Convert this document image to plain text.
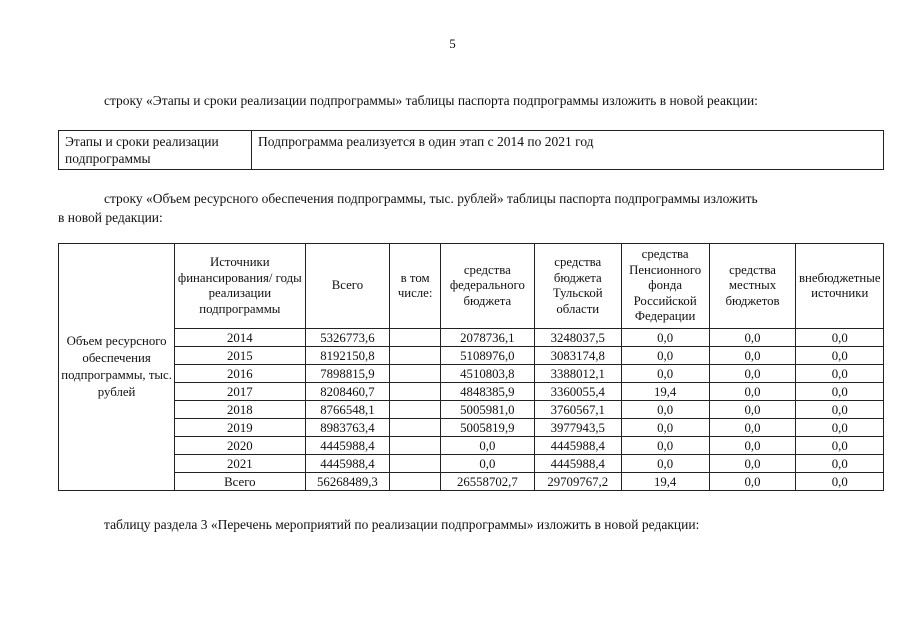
5
строку «Этапы и сроки реализации подпрограммы» таблицы паспорта подпрограммы изложить в новой реакции:
Этапы и сроки реализации подпрограммы	Подпрограмма реализуется в один этап с 2014 по 2021 год
строку «Объем ресурсного обеспечения подпрограммы, тыс. рублей» таблицы паспорта подпрограммы изложить
в новой редакции:
Объем ресурсного обеспечения подпрограммы, тыс. рублей	Источники финансирования/ годы реализации подпрограммы	Всего	в том числе:	средства федерального бюджета	средства бюджета Тульской области	средства Пенсионного фонда Российской Федерации	средства местных бюджетов	внебюджетные источники
	2014	5326773,6		2078736,1	3248037,5	0,0	0,0	0,0
	2015	8192150,8		5108976,0	3083174,8	0,0	0,0	0,0
	2016	7898815,9		4510803,8	3388012,1	0,0	0,0	0,0
	2017	8208460,7		4848385,9	3360055,4	19,4	0,0	0,0
	2018	8766548,1		5005981,0	3760567,1	0,0	0,0	0,0
	2019	8983763,4		5005819,9	3977943,5	0,0	0,0	0,0
	2020	4445988,4		0,0	4445988,4	0,0	0,0	0,0
	2021	4445988,4		0,0	4445988,4	0,0	0,0	0,0
	Всего	56268489,3		26558702,7	29709767,2	19,4	0,0	0,0
таблицу раздела 3 «Перечень мероприятий по реализации подпрограммы» изложить в новой редакции:
